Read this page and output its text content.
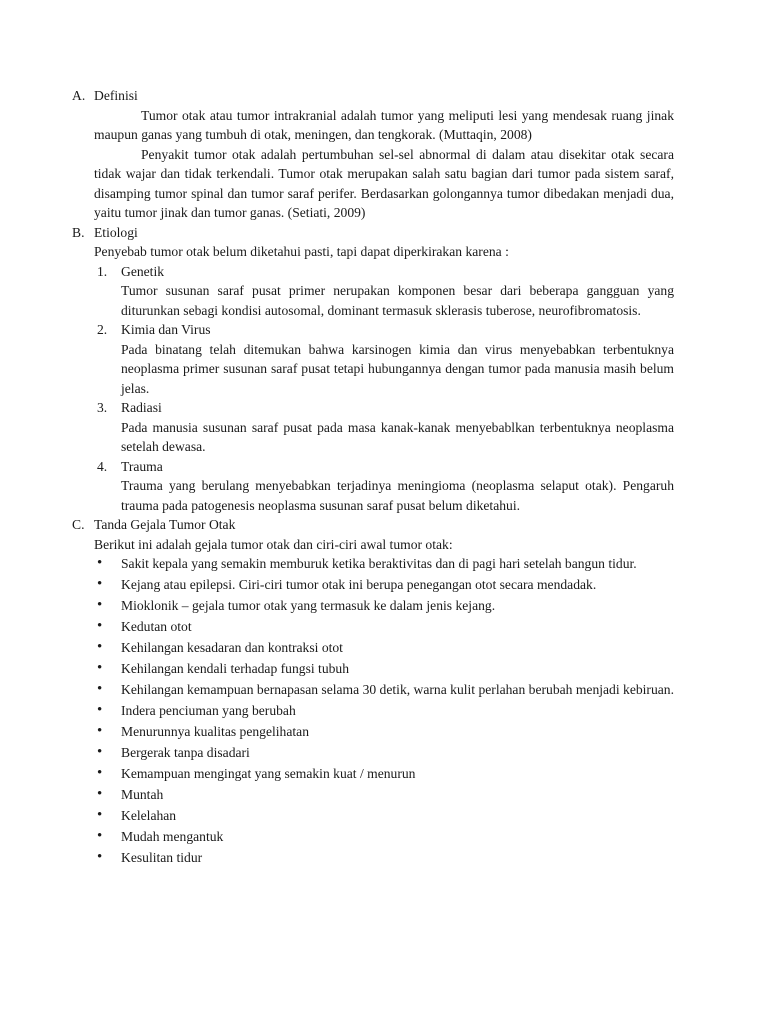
A. Definisi

Tumor otak atau tumor intrakranial adalah tumor yang meliputi lesi yang mendesak ruang jinak maupun ganas yang tumbuh di otak, meningen, dan tengkorak. (Muttaqin, 2008)

Penyakit tumor otak adalah pertumbuhan sel-sel abnormal di dalam atau disekitar otak secara tidak wajar dan tidak terkendali. Tumor otak merupakan salah satu bagian dari tumor pada sistem saraf, disamping tumor spinal dan tumor saraf perifer. Berdasarkan golongannya tumor dibedakan menjadi dua, yaitu tumor jinak dan tumor ganas. (Setiati, 2009)

B. Etiologi

Penyebab tumor otak belum diketahui pasti, tapi dapat diperkirakan karena :

1. Genetik

Tumor susunan saraf pusat primer nerupakan komponen besar dari beberapa gangguan yang diturunkan sebagi kondisi autosomal, dominant termasuk sklerasis tuberose, neurofibromatosis.

2. Kimia dan Virus

Pada binatang telah ditemukan bahwa karsinogen kimia dan virus menyebabkan terbentuknya neoplasma primer susunan saraf pusat tetapi hubungannya dengan tumor pada manusia masih belum jelas.

3. Radiasi

Pada manusia susunan saraf pusat pada masa kanak-kanak menyebablkan terbentuknya neoplasma setelah dewasa.

4. Trauma

Trauma yang berulang menyebabkan terjadinya meningioma (neoplasma selaput otak). Pengaruh trauma pada patogenesis neoplasma susunan saraf pusat belum diketahui.

C. Tanda Gejala Tumor Otak

Berikut ini adalah gejala tumor otak dan ciri-ciri awal tumor otak:

• Sakit kepala yang semakin memburuk ketika beraktivitas dan di pagi hari setelah bangun tidur.
• Kejang atau epilepsi. Ciri-ciri tumor otak ini berupa penegangan otot secara mendadak.
• Mioklonik – gejala tumor otak yang termasuk ke dalam jenis kejang.
• Kedutan otot
• Kehilangan kesadaran dan kontraksi otot
• Kehilangan kendali terhadap fungsi tubuh
• Kehilangan kemampuan bernapasan selama 30 detik, warna kulit perlahan berubah menjadi kebiruan.
• Indera penciuman yang berubah
• Menurunnya kualitas pengelihatan
• Bergerak tanpa disadari
• Kemampuan mengingat yang semakin kuat / menurun
• Muntah
• Kelelahan
• Mudah mengantuk
• Kesulitan tidur
